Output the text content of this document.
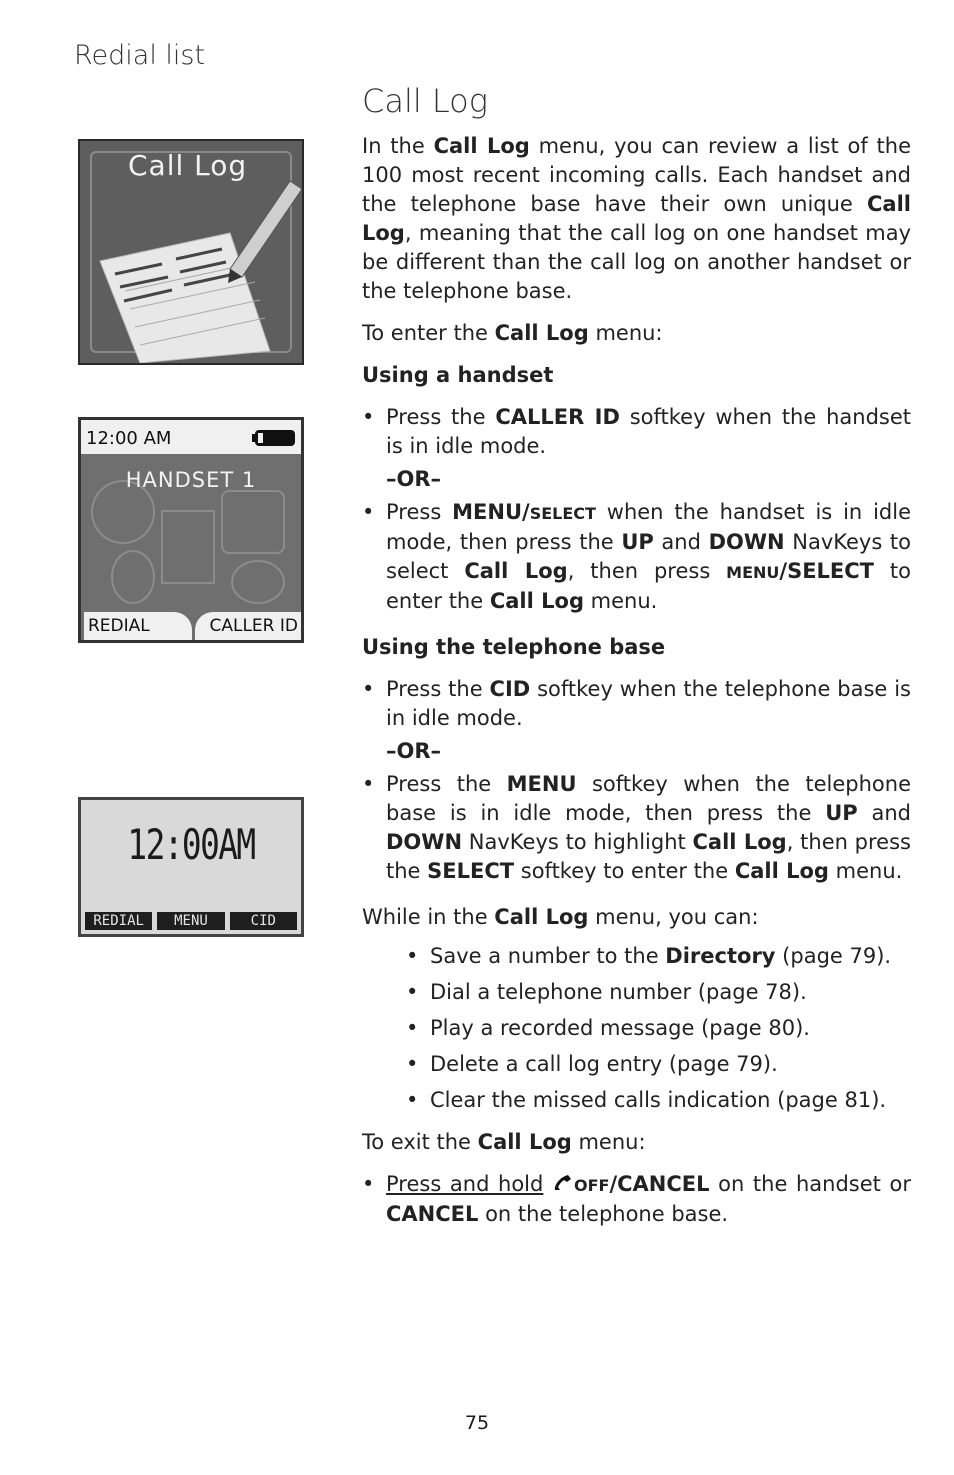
Redial list
Call Log
Call Log
12:00 AM
HANDSET 1
REDIAL	CALLER ID
12:00AM
REDIAL	MENU	CID

In the Call Log menu, you can review a list of the 100 most recent incoming calls. Each handset and the telephone base have their own unique Call Log, meaning that the call log on one handset may be different than the call log on another handset or the telephone base.

To enter the Call Log menu:

Using a handset

• Press the CALLER ID softkey when the handset is in idle mode.

–OR–

• Press MENU/SELECT when the handset is in idle mode, then press the UP and DOWN NavKeys to select Call Log, then press MENU/SELECT to enter the Call Log menu.

Using the telephone base

• Press the CID softkey when the telephone base is in idle mode.

–OR–

• Press the MENU softkey when the telephone base is in idle mode, then press the UP and DOWN NavKeys to highlight Call Log, then press the SELECT softkey to enter the Call Log menu.

While in the Call Log menu, you can:

• Save a number to the Directory (page 79).
• Dial a telephone number (page 78).
• Play a recorded message (page 80).
• Delete a call log entry (page 79).
• Clear the missed calls indication (page 81).

To exit the Call Log menu:

• Press and hold OFF/CANCEL on the handset or CANCEL on the telephone base.
75
